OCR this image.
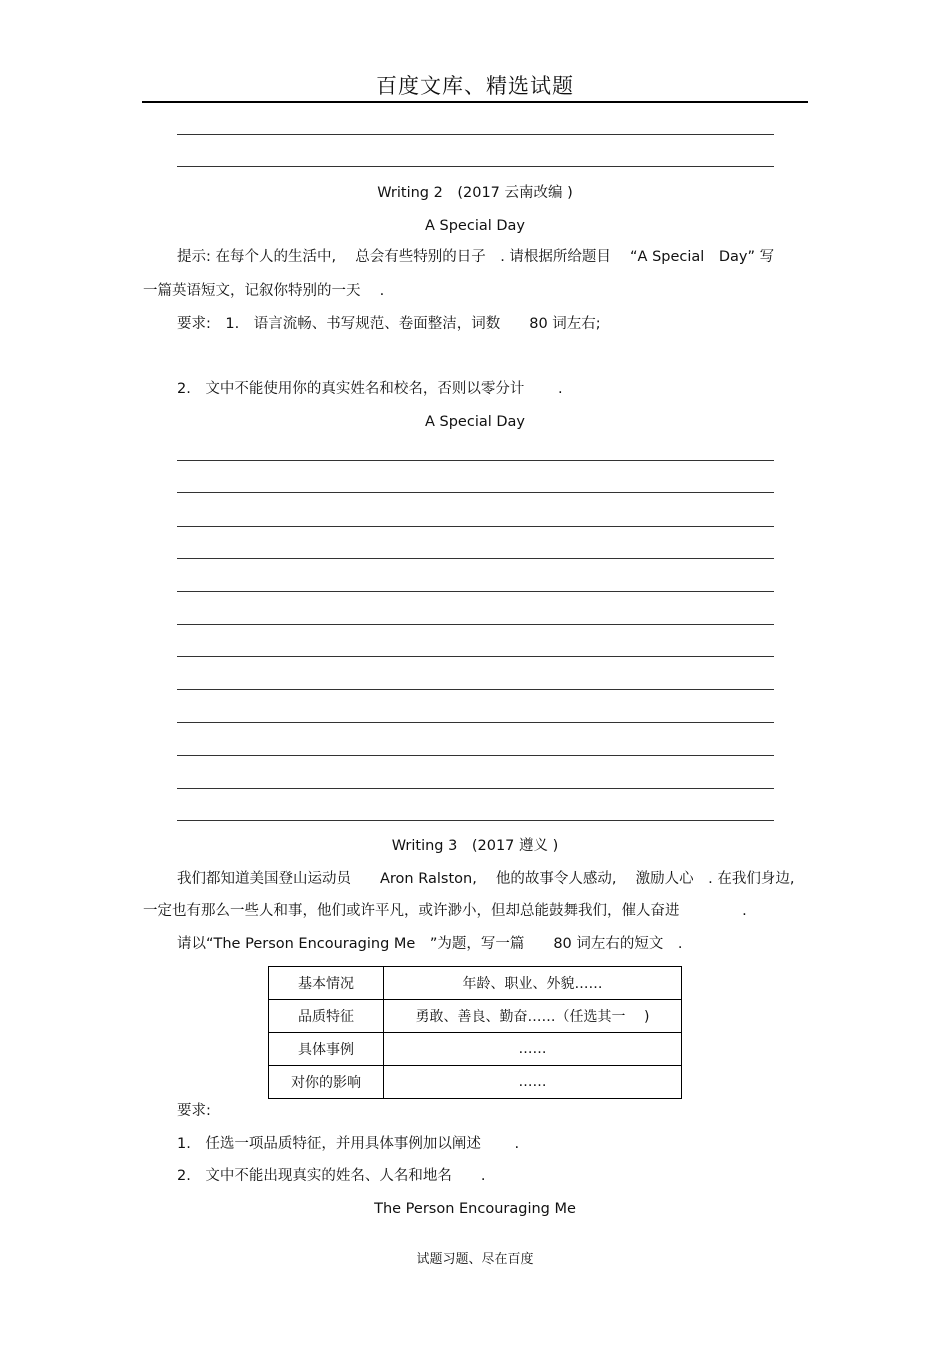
百度文库、精选试题
Writing 2　(2017 云南改编 )
A Special Day
提示: 在每个人的生活中,　 总会有些特别的日子　. 请根据所给题目　 “A Special　Day” 写
一篇英语短文，记叙你特别的一天　 .
要求:　1.　语言流畅、书写规范、卷面整洁，词数　　80 词左右;
2.　文中不能使用你的真实姓名和校名，否则以零分计　　 .
A Special Day
Writing 3　(2017 遵义 )
我们都知道美国登山运动员　　Aron Ralston,　 他的故事令人感动,　 激励人心　. 在我们身边,
一定也有那么一些人和事，他们或许平凡，或许渺小，但却总能鼓舞我们，催人奋进　　　　 .
请以“The Person Encouraging Me　”为题，写一篇　　80 词左右的短文　.
基本情况	年龄、职业、外貌……
品质特征	勇敢、善良、勤奋……（任选其一　 )
具体事例	……
对你的影响	……
要求:
1.　任选一项品质特征，并用具体事例加以阐述　　 .
2.　文中不能出现真实的姓名、人名和地名　　.
The Person Encouraging Me
试题习题、尽在百度
